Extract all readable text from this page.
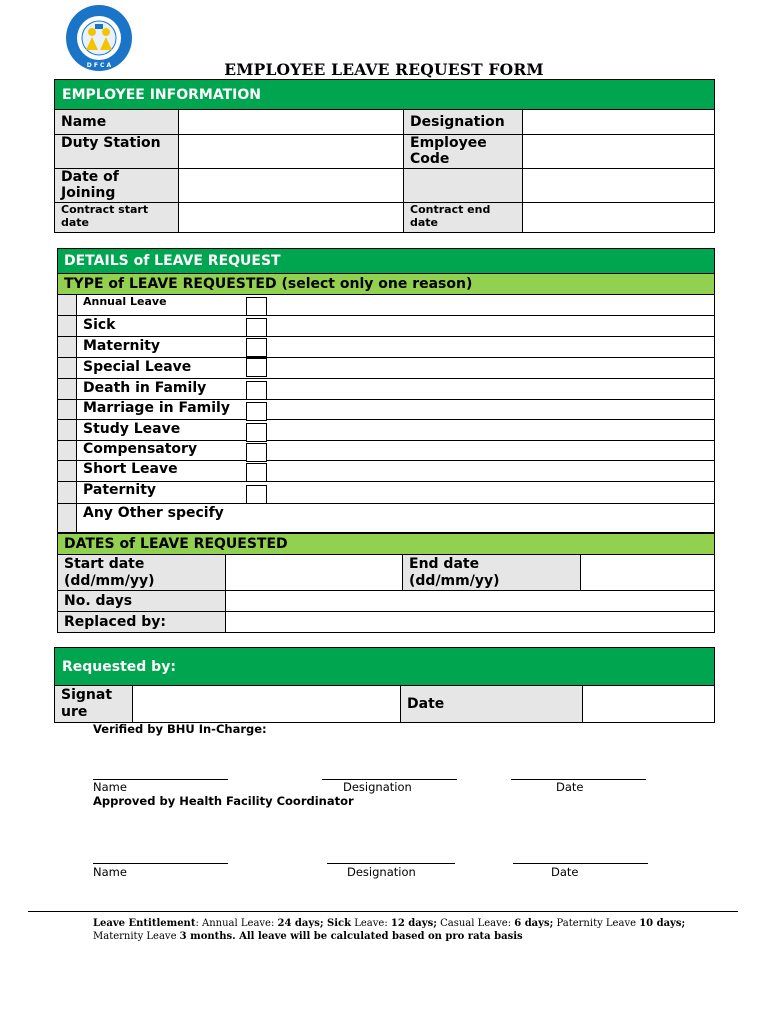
D F C A	EMPLOYEE LEAVE REQUEST FORM
EMPLOYEE INFORMATION			
Name		Designation	
Duty Station		Employee Code	
Date of Joining			
Contract start date		Contract end date	
DETAILS of LEAVE REQUEST
TYPE of LEAVE REQUESTED (select only one reason)
	Annual Leave
	Sick
	Maternity
	Special Leave
	Death in Family
	Marriage in Family
	Study Leave
	Compensatory
	Short Leave
	Paternity
	Any Other specify
DATES of LEAVE REQUESTED			
Start date (dd/mm/yy)		End date (dd/mm/yy)	
No. days			
Replaced by:			
Requested by:
Signat ure		Date	
Verified by BHU In-Charge:
Name	Designation	Date
Approved by Health Facility Coordinator
Name	Designation	Date
Leave Entitlement: Annual Leave: 24 days; Sick Leave: 12 days; Casual Leave: 6 days; Paternity Leave 10 days;
Maternity Leave 3 months. All leave will be calculated based on pro rata basis
